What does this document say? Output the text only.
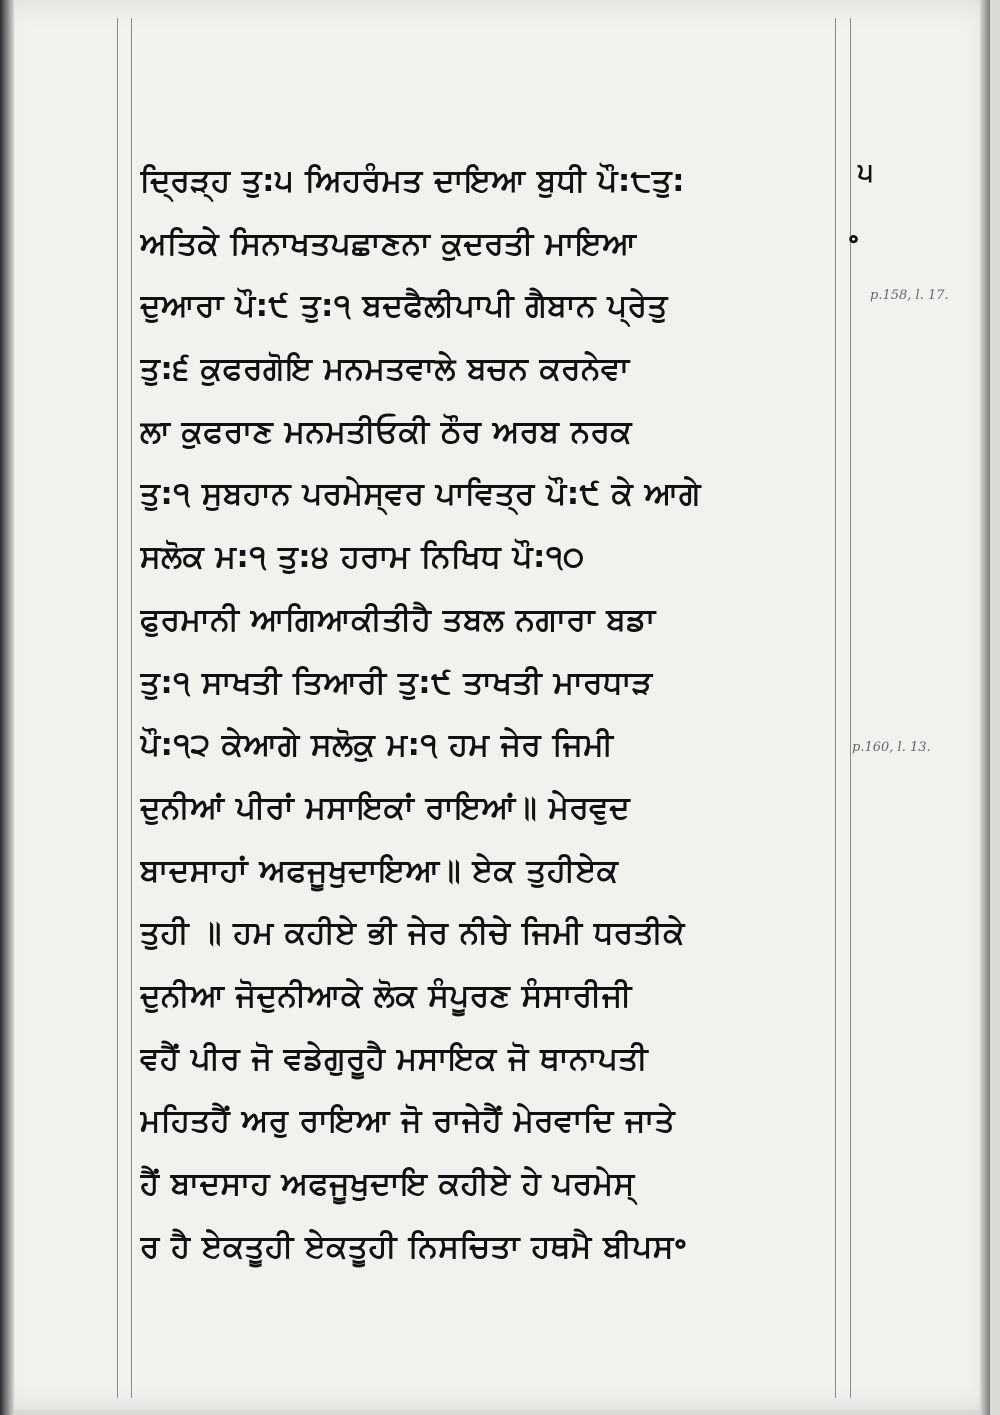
ਦ੍ਰਿੜ੍ਹ ਤੁ:੫ ਅਿਹਰੰਮਤ ਦਾਇਆ ਬੁਧੀ ਪੌ:੮ਤੁ:
ਅਤਿਕੇ ਸਿਨਾਖਤਪਛਾਣਨਾ ਕੁਦਰਤੀ ਮਾਇਆ
ਦੁਆਰਾ ਪੌ:੯ ਤੁ:੧ ਬਦਫੈਲੀਪਾਪੀ ਗੈਬਾਨ ਪ੍ਰੇਤੁ
ਤੁ:੬ ਕੁਫਰਗੋਇ ਮਨਮਤਵਾਲੇ ਬਚਨ ਕਰਨੇਵਾ
ਲਾ ਕੁਫਰਾਣ ਮਨਮਤੀਓਕੀ ਠੌਰ ਅਰਬ ਨਰਕ
ਤੁ:੧ ਸੁਬਹਾਨ ਪਰਮੇਸ੍ਵਰ ਪਾਵਿਤ੍ਰ ਪੌ:੯ ਕੇ ਆਗੇ
ਸਲੋਕ ਮ:੧ ਤੁ:੪ ਹਰਾਮ ਨਿਖਿਧ ਪੌ:੧੦
ਫੁਰਮਾਨੀ ਆਗਿਆਕੀਤੀਹੈ ਤਬਲ ਨਗਾਰਾ ਬਡਾ
ਤੁ:੧ ਸਾਖਤੀ ਤਿਆਰੀ ਤੁ:੯ ਤਾਖਤੀ ਮਾਰਧਾੜ
ਪੌ:੧੨ ਕੇਆਗੇ ਸਲੋਕੁ ਮ:੧ ਹਮ ਜੇਰ ਜਿਮੀ
ਦੁਨੀਆਂ ਪੀਰਾਂ ਮਸਾਇਕਾਂ ਰਾਇਆਂ॥ ਮੇਰਵੁਦ
ਬਾਦਸਾਹਾਂ ਅਫਜੂਖੁਦਾਇਆ॥ ਏਕ ਤੁਹੀਏਕ
ਤੁਹੀ ॥ ਹਮ ਕਹੀਏ ਭੀ ਜੇਰ ਨੀਚੇ ਜਿਮੀ ਧਰਤੀਕੇ
ਦੁਨੀਆ ਜੋਦੁਨੀਆਕੇ ਲੋਕ ਸੰਪੂਰਣ ਸੰਸਾਰੀਜੀ
ਵਹੈਂ ਪੀਰ ਜੋ ਵਡੇਗੁਰੂਹੈ ਮਸਾਇਕ ਜੋ ਥਾਨਾਪਤੀ
ਮਹਿਤਹੈਂ ਅਰੁ ਰਾਇਆ ਜੋ ਰਾਜੇਹੈਂ ਮੇਰਵਾਦਿ ਜਾਤੇ
ਹੈਂ ਬਾਦਸਾਹ ਅਫਜੂਖੁਦਾਇ ਕਹੀਏ ਹੇ ਪਰਮੇਸ੍
ਰ ਹੈ ਏਕਤੂਹੀ ਏਕਤੂਹੀ ਨਿਸਚਿਤਾ ਹਥਮੈ ਬੀਪਸ॰
੫
॰
p.158, l. 17.
p.160, l. 13.
